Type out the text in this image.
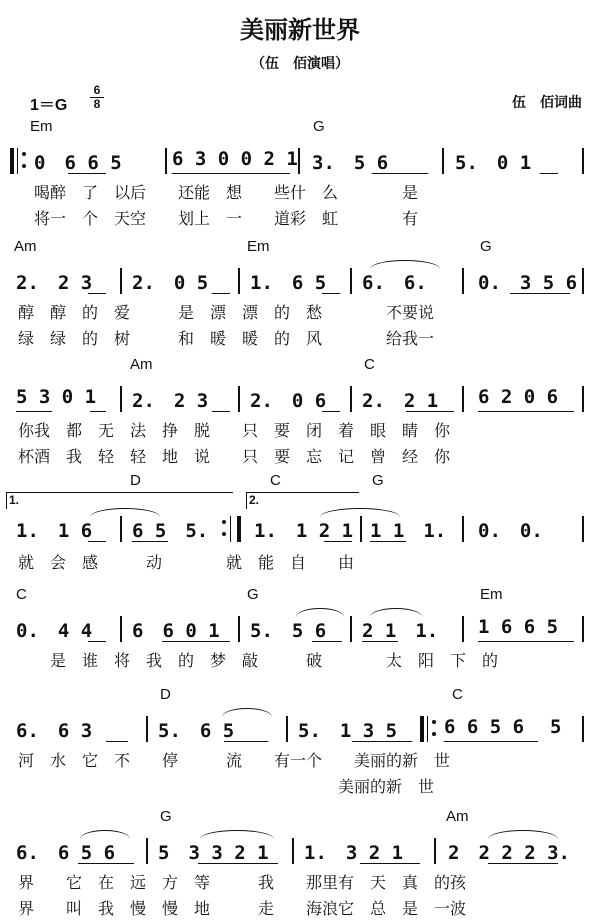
美丽新世界
（伍　佰演唱）
1＝G
6
8	伍　佰词曲
Em	G
0　6 6 5	6 3 0 0 2 1 3.　5 6	5.　0 1
　喝醉　了　以后　　还能　想　　些什　么　　　　是
　将一　个　天空　　划上　一　　道彩　虹　　　　有
Am	Em	G
2.　2 3 2.　0 5 1.　6 5 6.　6.	0.　3 5 6
醇　醇　的　爱　　　是　漂　漂　的　愁　　　　不要说
绿　绿　的　树　　　和　暖　暖　的　风　　　　给我一
Am	C
5 3 0 1 2.　2 3 2.　0 6 2.　2 1 6 2 0 6
你我　都　无　法　挣　脱　　只　要　闭　着　眼　睛　你
杯酒　我　轻　轻　地　说　　只　要　忘　记　曾　经　你
D	C	G
1.	2.
1.　1 6 6 5　5. 1.　1 2 1 1 1　1. 0.　0.
就　会　感　　　动　　　　就　能　自　　由
C	G	Em
0.　4 4 6　6 0 1 5.　5 6 2 1　1. 1 6 6 5
　　是　谁　将　我　的　梦　敲　　　破　　　　太　阳　下　的
D	C
6.　6 3	5.　6 5	5.　1 3 5 6 6 5 6 5
河　水　它　不　　停　　　流　　有一个　　美丽的新　世
　　　　　　　　　　　　　　　　　　　　美丽的新　世
G	Am
6.　6 5 6 5　3 3 2 1 1.　3 2 1 2　2 2 2 3.
界　　它　在　远　方　等　　　我　　那里有　天　真　的孩
界　　叫　我　慢　慢　地　　　走　　海浪它　总　是　一波
